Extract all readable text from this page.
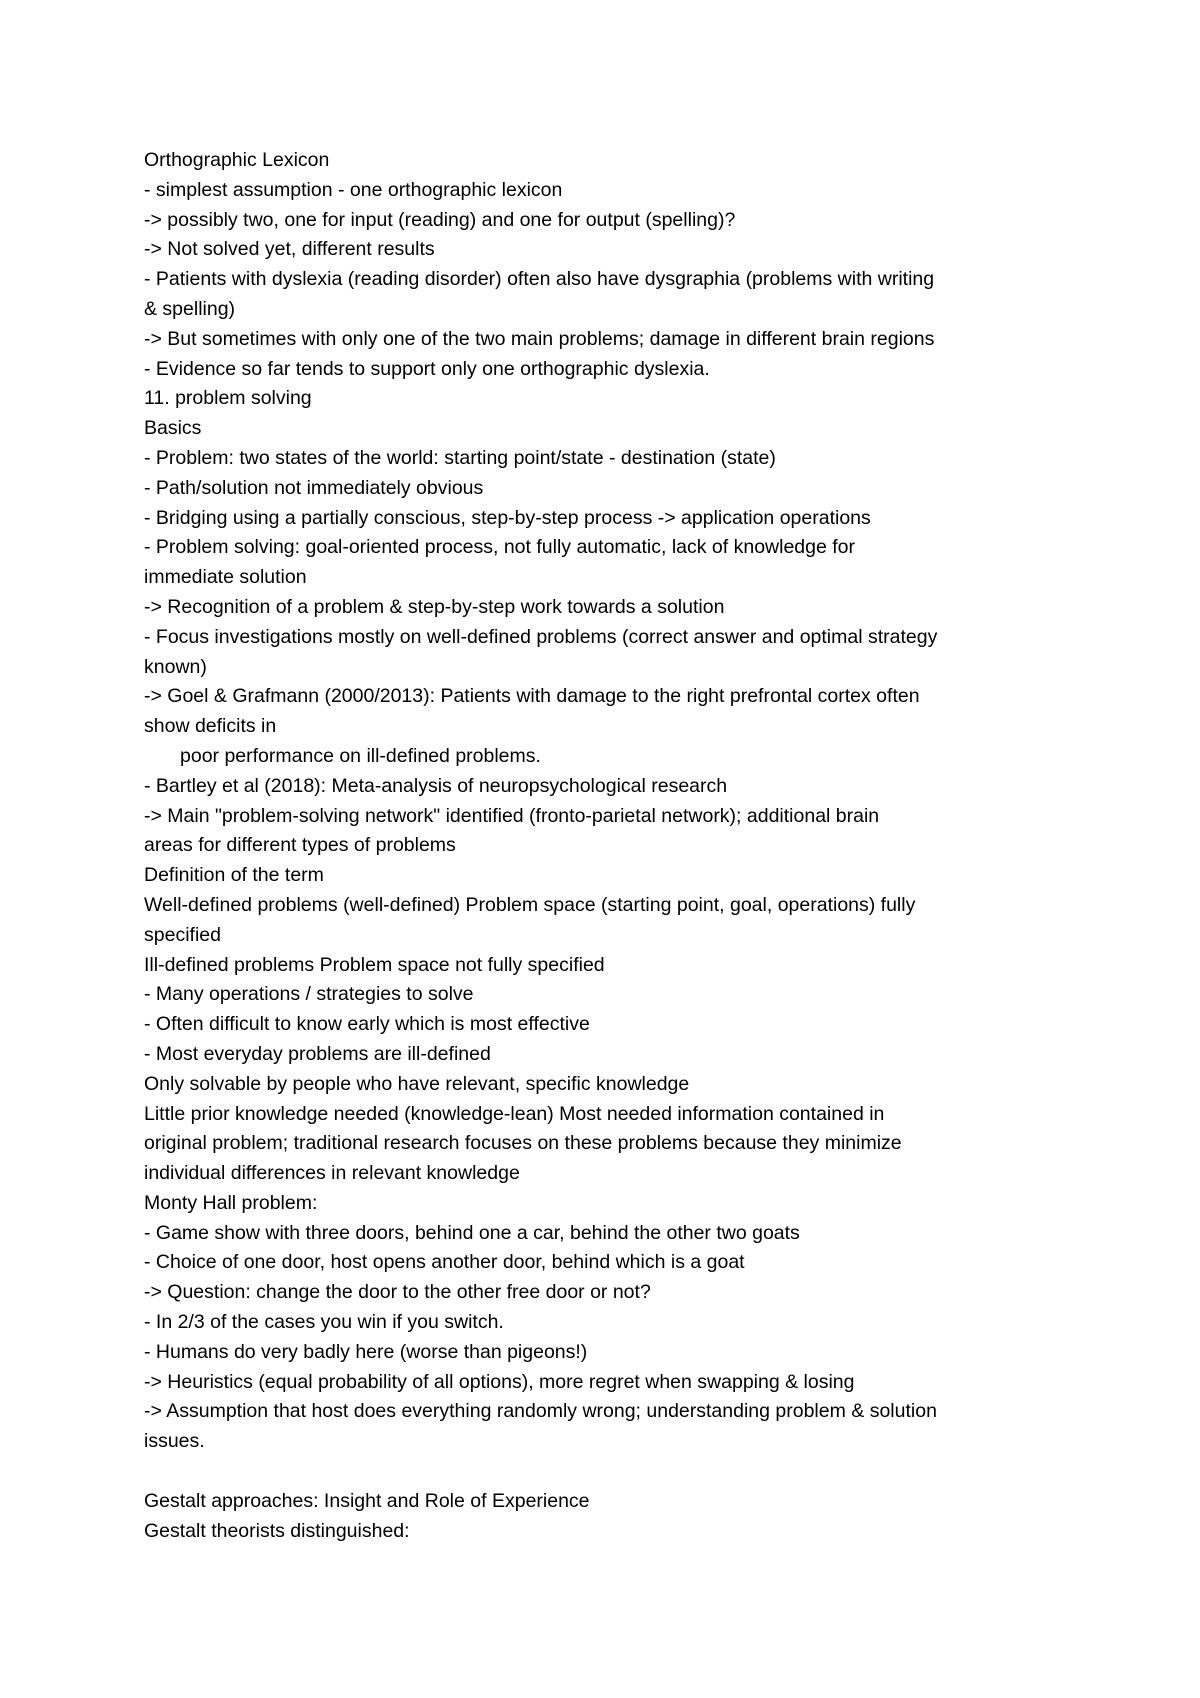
Orthographic Lexicon
- simplest assumption - one orthographic lexicon
-> possibly two, one for input (reading) and one for output (spelling)?
-> Not solved yet, different results
- Patients with dyslexia (reading disorder) often also have dysgraphia (problems with writing
& spelling)
-> But sometimes with only one of the two main problems; damage in different brain regions
- Evidence so far tends to support only one orthographic dyslexia.
11. problem solving
Basics
- Problem: two states of the world: starting point/state - destination (state)
- Path/solution not immediately obvious
- Bridging using a partially conscious, step-by-step process -> application operations
- Problem solving: goal-oriented process, not fully automatic, lack of knowledge for
immediate solution
-> Recognition of a problem & step-by-step work towards a solution
- Focus investigations mostly on well-defined problems (correct answer and optimal strategy
known)
-> Goel & Grafmann (2000/2013): Patients with damage to the right prefrontal cortex often
show deficits in
poor performance on ill-defined problems.
- Bartley et al (2018): Meta-analysis of neuropsychological research
-> Main "problem-solving network" identified (fronto-parietal network); additional brain
areas for different types of problems
Definition of the term
Well-defined problems (well-defined) Problem space (starting point, goal, operations) fully
specified
Ill-defined problems Problem space not fully specified
- Many operations / strategies to solve
- Often difficult to know early which is most effective
- Most everyday problems are ill-defined
Only solvable by people who have relevant, specific knowledge
Little prior knowledge needed (knowledge-lean) Most needed information contained in
original problem; traditional research focuses on these problems because they minimize
individual differences in relevant knowledge
Monty Hall problem:
- Game show with three doors, behind one a car, behind the other two goats
- Choice of one door, host opens another door, behind which is a goat
-> Question: change the door to the other free door or not?
- In 2/3 of the cases you win if you switch.
- Humans do very badly here (worse than pigeons!)
-> Heuristics (equal probability of all options), more regret when swapping & losing
-> Assumption that host does everything randomly wrong; understanding problem & solution
issues.
Gestalt approaches: Insight and Role of Experience
Gestalt theorists distinguished:
